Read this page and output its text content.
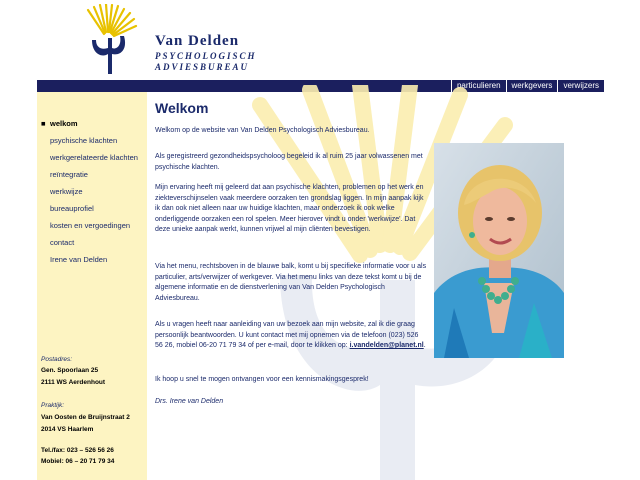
Van Delden
PSYCHOLOGISCH
ADVIESBUREAU
particulieren	werkgevers	verwijzers
■ welkom
psychische klachten
werkgerelateerde klachten
reïntegratie
werkwijze
bureauprofiel
kosten en vergoedingen
contact
Irene van Delden
Postadres:
Gen. Spoorlaan 25
2111 WS Aerdenhout
Praktijk:
Van Oosten de Bruijnstraat 2
2014 VS Haarlem
Tel./fax: 023 – 526 56 26
Mobiel: 06 – 20 71 79 34
Welkom

Welkom op de website van Van Delden Psychologisch Adviesbureau.

Als geregistreerd gezondheidspsycholoog begeleid ik al ruim 25 jaar volwassenen met psychische klachten.

Mijn ervaring heeft mij geleerd dat aan psychische klachten, problemen op het werk en ziekteverschijnselen vaak meerdere oorzaken ten grondslag liggen. In mijn aanpak kijk ik dan ook niet alleen naar uw huidige klachten, maar onderzoek ik ook welke onderliggende oorzaken een rol spelen. Meer hierover vindt u onder 'werkwijze'. Dat deze unieke aanpak werkt, kunnen vrijwel al mijn cliënten bevestigen.

Via het menu, rechtsboven in de blauwe balk, komt u bij specifieke informatie voor u als particulier, arts/verwijzer of werkgever. Via het menu links van deze tekst komt u bij de algemene informatie en de dienstverlening van Van Delden Psychologisch Adviesbureau.

Als u vragen heeft naar aanleiding van uw bezoek aan mijn website, zal ik die graag persoonlijk beantwoorden. U kunt contact met mij opnemen via de telefoon (023) 526 56 26, mobiel 06-20 71 79 34 of per e-mail, door te klikken op: i.vandelden@planet.nl.

Ik hoop u snel te mogen ontvangen voor een kennismakingsgesprek!

Drs. Irene van Delden
